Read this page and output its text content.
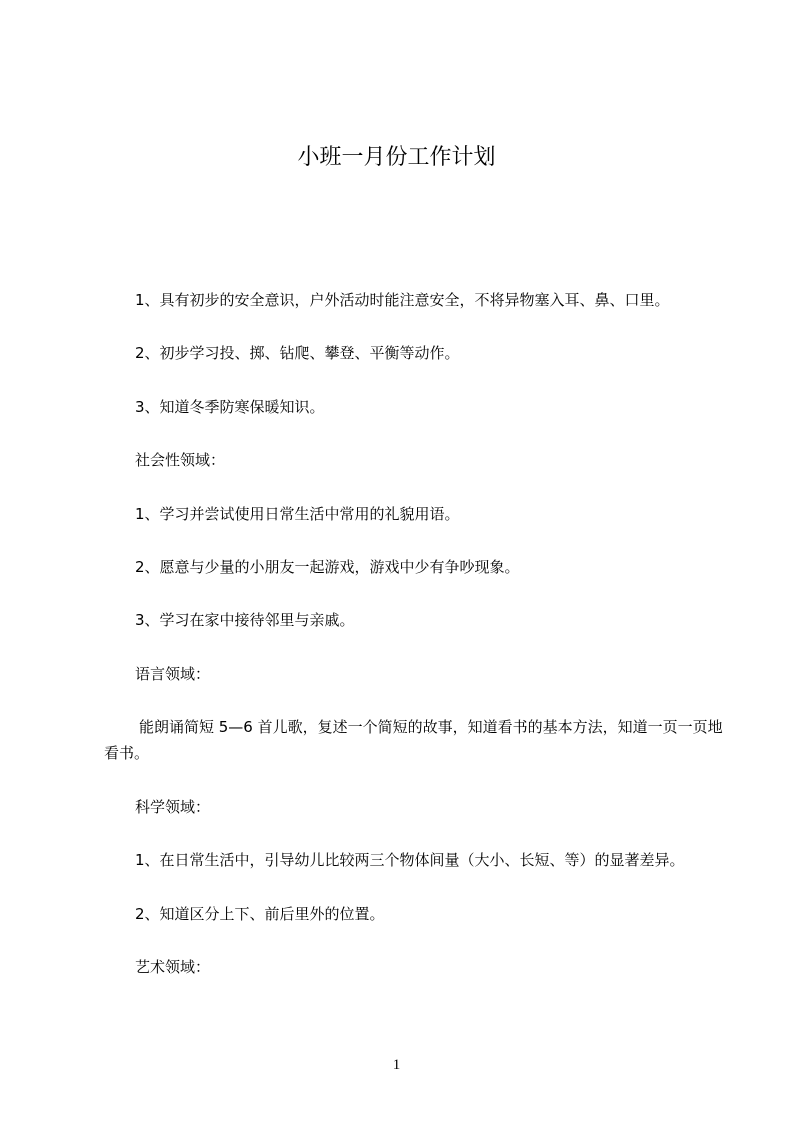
小班一月份工作计划

1、具有初步的安全意识，户外活动时能注意安全，不将异物塞入耳、鼻、口里。

2、初步学习投、掷、钻爬、攀登、平衡等动作。

3、知道冬季防寒保暖知识。

社会性领域：

1、学习并尝试使用日常生活中常用的礼貌用语。

2、愿意与少量的小朋友一起游戏，游戏中少有争吵现象。

3、学习在家中接待邻里与亲戚。

语言领域：

能朗诵简短 5—6 首儿歌，复述一个简短的故事，知道看书的基本方法，知道一页一页地看书。

科学领域：

1、在日常生活中，引导幼儿比较两三个物体间量（大小、长短、等）的显著差异。

2、知道区分上下、前后里外的位置。

艺术领域：

1
